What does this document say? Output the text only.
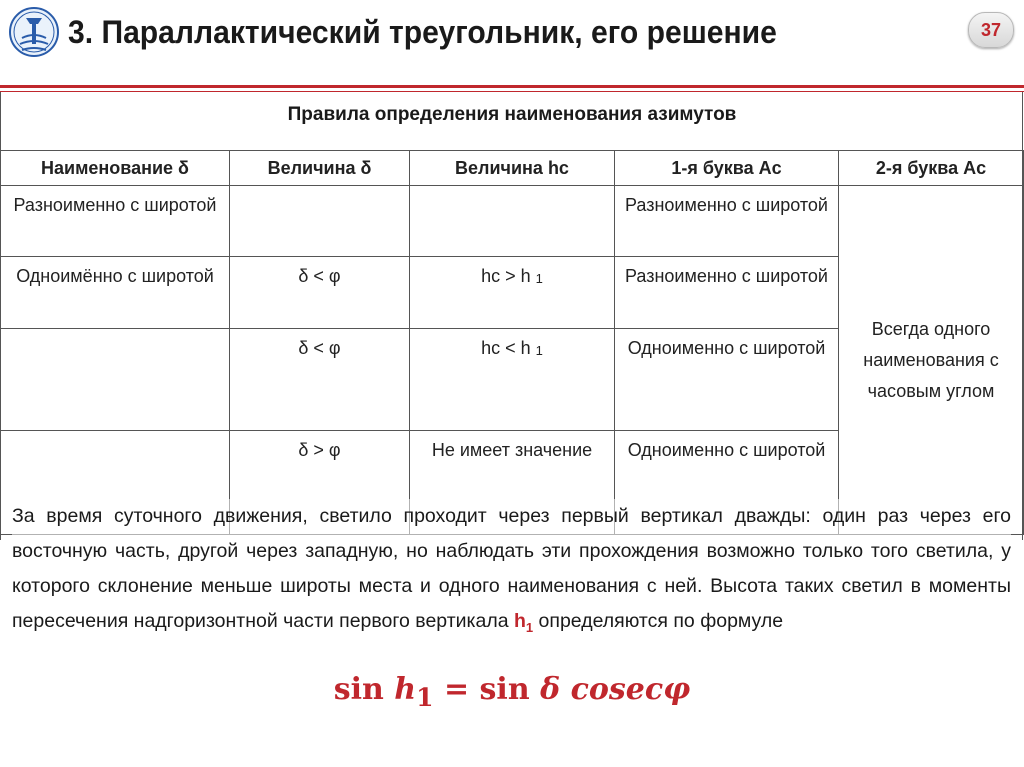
3. Параллактический треугольник, его решение	37
Правила определения наименования азимутов
Наименование δ	Величина δ	Величина hc	1-я буква Ac	2-я буква Ac
Разноименно с широтой			Разноименно с широтой	Всегда одного наименования с часовым углом
Одноимённо с широтой	δ < φ	hc > h 1	Разноименно с широтой	
	δ < φ	hc < h 1	Одноименно с широтой	
	δ > φ	Не имеет значение	Одноименно с широтой	

За время суточного движения, светило проходит через первый вертикал дважды: один раз через его восточную часть, другой через западную, но наблюдать эти прохождения возможно только того светила, у которого склонение меньше широты места и одного наименования с ней. Высота таких светил в моменты пересечения надгоризонтной части первого вертикала $h_1$ определяются по формуле

$\sin h_1 = \sin \delta$ cosecφ
